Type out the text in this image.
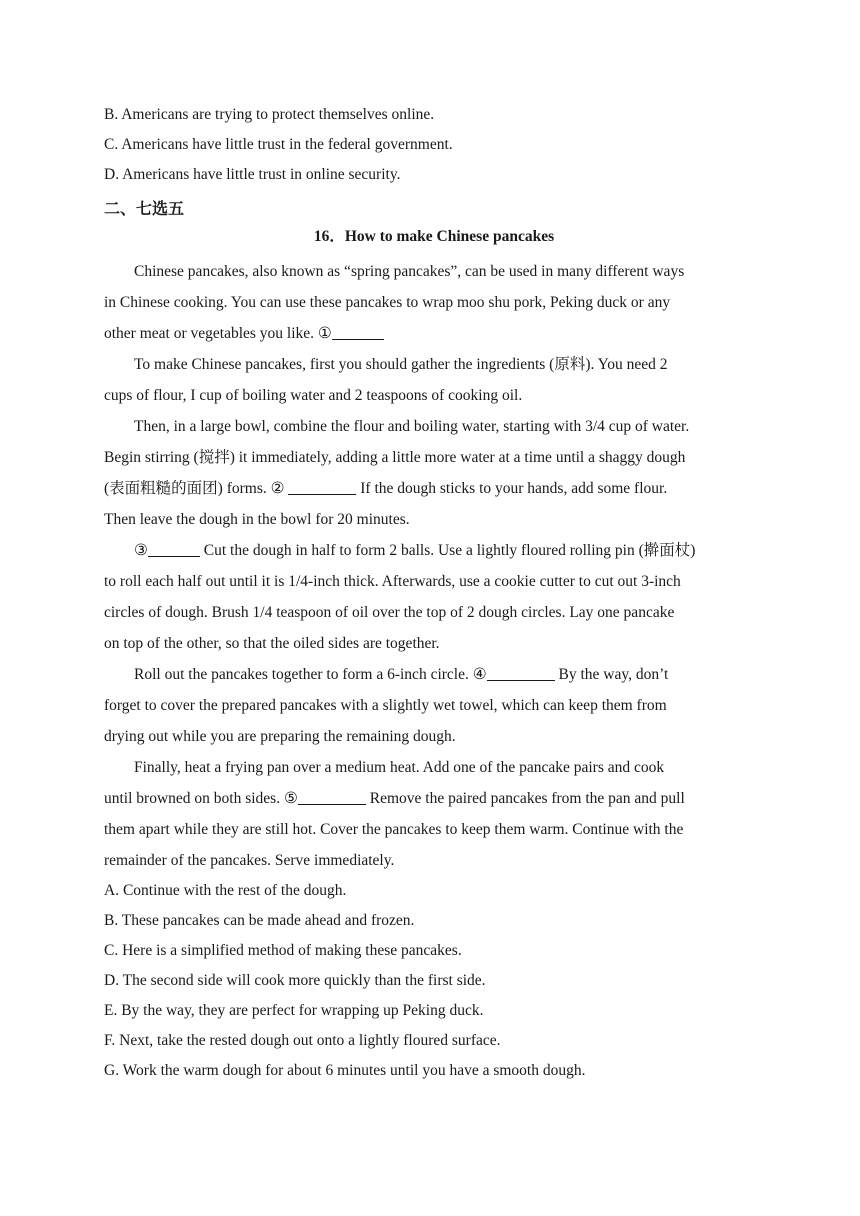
B. Americans are trying to protect themselves online.
C. Americans have little trust in the federal government.
D. Americans have little trust in online security.
二、七选五
16．How to make Chinese pancakes
Chinese pancakes, also known as “spring pancakes”, can be used in many different ways
in Chinese cooking. You can use these pancakes to wrap moo shu pork, Peking duck or any
other meat or vegetables you like. ①
To make Chinese pancakes, first you should gather the ingredients (原料). You need 2
cups of flour, I cup of boiling water and 2 teaspoons of cooking oil.
Then, in a large bowl, combine the flour and boiling water, starting with 3/4 cup of water.
Begin stirring (搅拌) it immediately, adding a little more water at a time until a shaggy dough
(表面粗糙的面团) forms. ②	If the dough sticks to your hands, add some flour.
Then leave the dough in the bowl for 20 minutes.
③	Cut the dough in half to form 2 balls. Use a lightly floured rolling pin (擀面杖)
to roll each half out until it is 1/4-inch thick. Afterwards, use a cookie cutter to cut out 3-inch
circles of dough. Brush 1/4 teaspoon of oil over the top of 2 dough circles. Lay one pancake
on top of the other, so that the oiled sides are together.
Roll out the pancakes together to form a 6-inch circle. ④	By the way, don’t
forget to cover the prepared pancakes with a slightly wet towel, which can keep them from
drying out while you are preparing the remaining dough.
Finally, heat a frying pan over a medium heat. Add one of the pancake pairs and cook
until browned on both sides. ⑤	Remove the paired pancakes from the pan and pull
them apart while they are still hot. Cover the pancakes to keep them warm. Continue with the
remainder of the pancakes. Serve immediately.
A. Continue with the rest of the dough.
B. These pancakes can be made ahead and frozen.
C. Here is a simplified method of making these pancakes.
D. The second side will cook more quickly than the first side.
E. By the way, they are perfect for wrapping up Peking duck.
F. Next, take the rested dough out onto a lightly floured surface.
G. Work the warm dough for about 6 minutes until you have a smooth dough.
